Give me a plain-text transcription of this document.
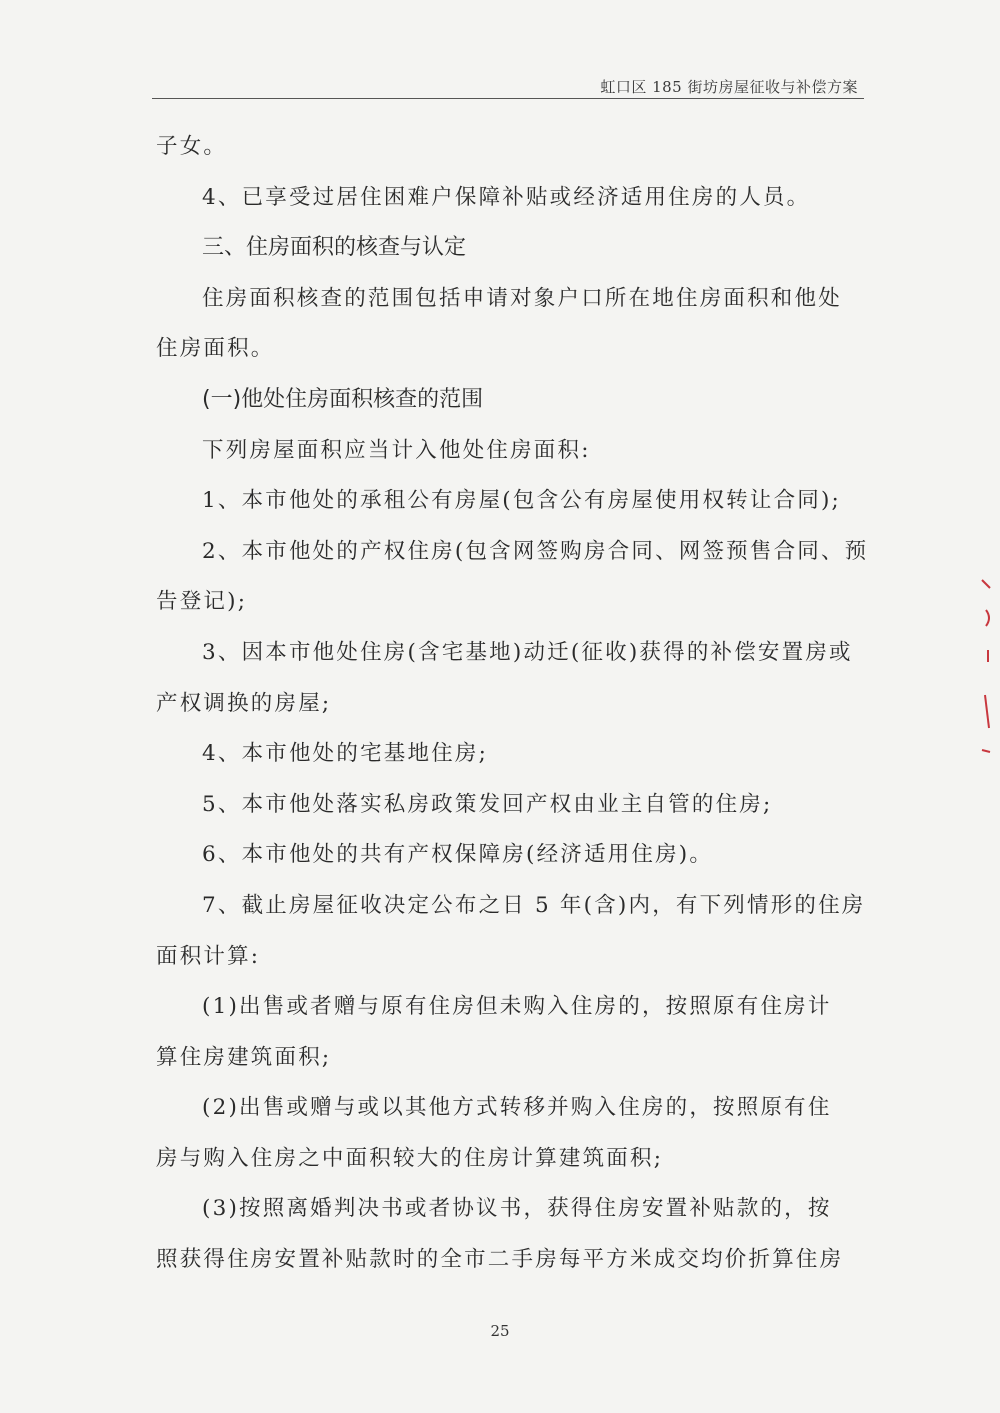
虹口区 185 街坊房屋征收与补偿方案
子女。
4、已享受过居住困难户保障补贴或经济适用住房的人员。
三、住房面积的核查与认定
住房面积核查的范围包括申请对象户口所在地住房面积和他处
住房面积。
(一)他处住房面积核查的范围
下列房屋面积应当计入他处住房面积:
1、本市他处的承租公有房屋(包含公有房屋使用权转让合同);
2、本市他处的产权住房(包含网签购房合同、网签预售合同、预
告登记);
3、因本市他处住房(含宅基地)动迁(征收)获得的补偿安置房或
产权调换的房屋;
4、本市他处的宅基地住房;
5、本市他处落实私房政策发回产权由业主自管的住房;
6、本市他处的共有产权保障房(经济适用住房)。
7、截止房屋征收决定公布之日 5 年(含)内，有下列情形的住房
面积计算:
(1)出售或者赠与原有住房但未购入住房的，按照原有住房计
算住房建筑面积;
(2)出售或赠与或以其他方式转移并购入住房的，按照原有住
房与购入住房之中面积较大的住房计算建筑面积;
(3)按照离婚判决书或者协议书，获得住房安置补贴款的，按
照获得住房安置补贴款时的全市二手房每平方米成交均价折算住房
25
